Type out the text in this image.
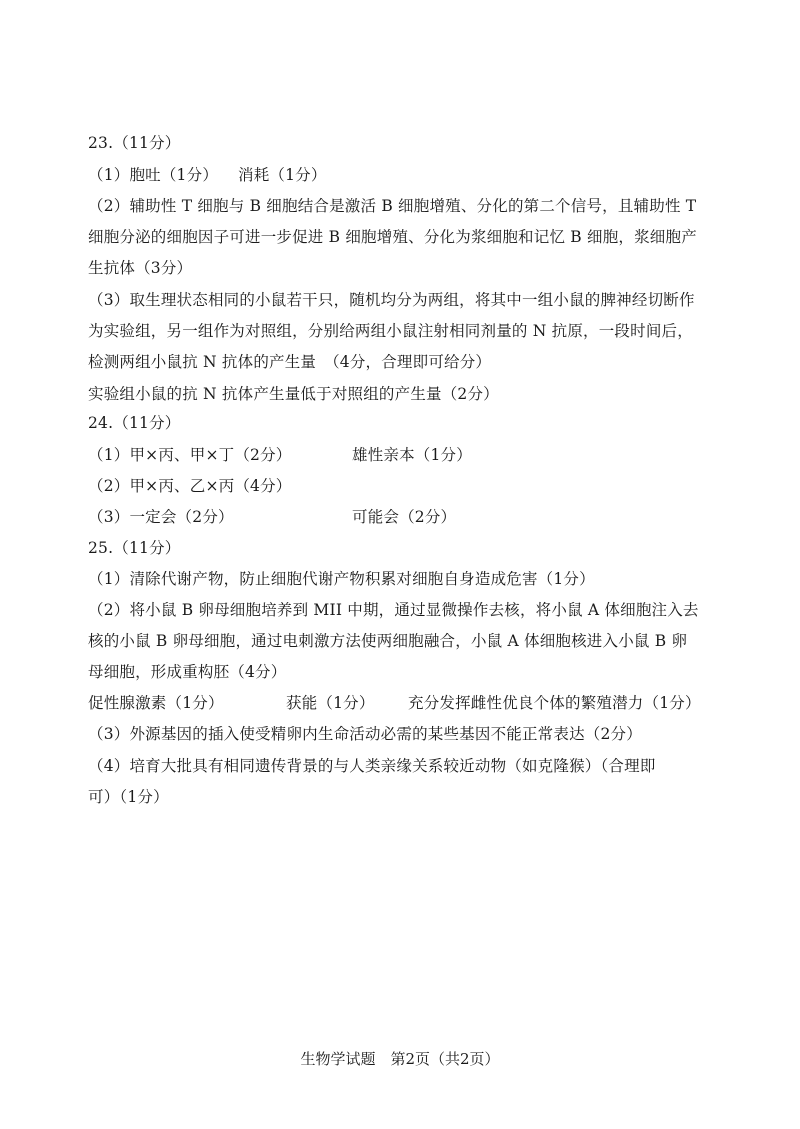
23.（11分）
（1）胞吐（1分） 消耗（1分）
（2）辅助性 T 细胞与 B 细胞结合是激活 B 细胞增殖、分化的第二个信号，且辅助性 T
细胞分泌的细胞因子可进一步促进 B 细胞增殖、分化为浆细胞和记忆 B 细胞，浆细胞产
生抗体（3分）
（3）取生理状态相同的小鼠若干只，随机均分为两组，将其中一组小鼠的脾神经切断作
为实验组，另一组作为对照组，分别给两组小鼠注射相同剂量的 N 抗原，一段时间后，
检测两组小鼠抗 N 抗体的产生量　（4分，合理即可给分）
实验组小鼠的抗 N 抗体产生量低于对照组的产生量（2分）
24.（11分）
（1）甲×丙、甲×丁（2分）	雄性亲本（1分）
（2）甲×丙、乙×丙（4分）
（3）一定会（2分）	可能会（2分）
25.（11分）
（1）清除代谢产物，防止细胞代谢产物积累对细胞自身造成危害（1分）
（2）将小鼠 B 卵母细胞培养到 MII 中期，通过显微操作去核，将小鼠 A 体细胞注入去
核的小鼠 B 卵母细胞，通过电刺激方法使两细胞融合，小鼠 A 体细胞核进入小鼠 B 卵
母细胞，形成重构胚（4分）
促性腺激素（1分）	获能（1分） 充分发挥雌性优良个体的繁殖潜力（1分）
（3）外源基因的插入使受精卵内生命活动必需的某些基因不能正常表达（2分）
（4）培育大批具有相同遗传背景的与人类亲缘关系较近动物（如克隆猴）（合理即
可）（1分）
生物学试题　第2页（共2页）
